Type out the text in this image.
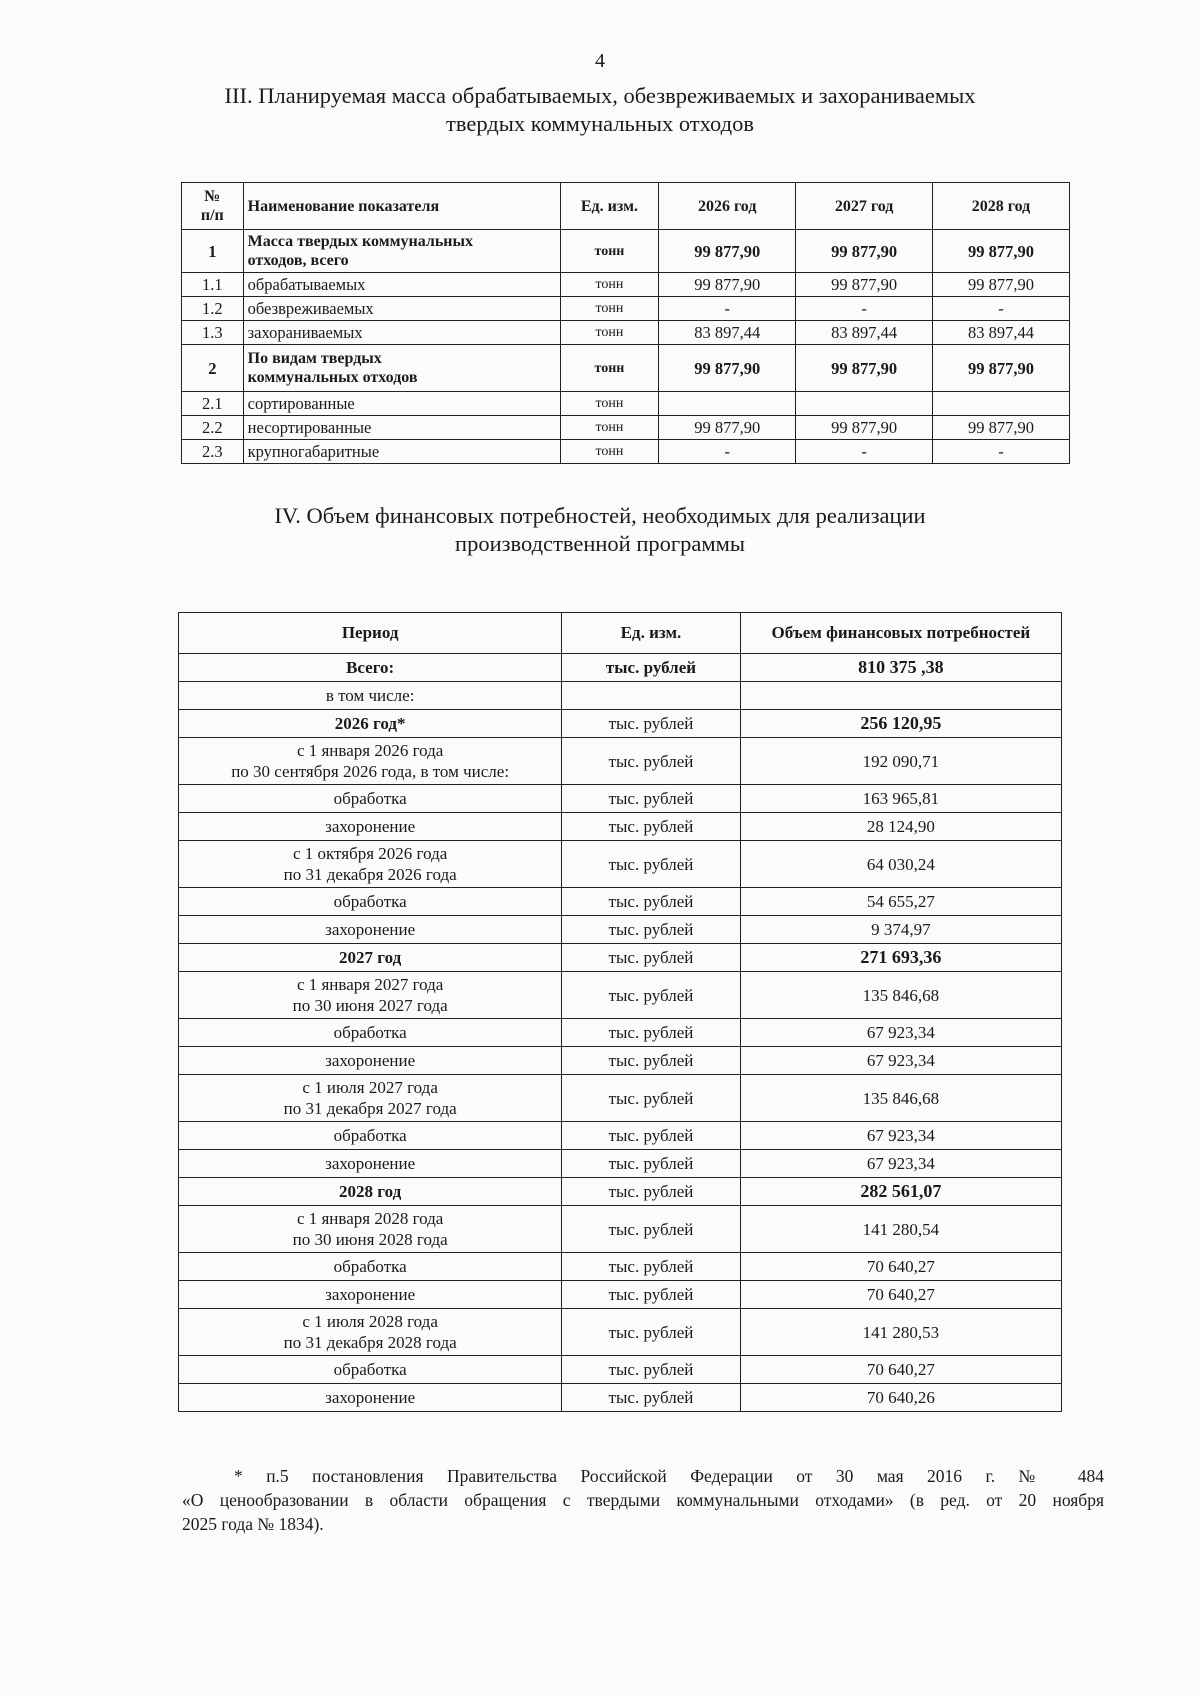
4
III. Планируемая масса обрабатываемых, обезвреживаемых и захораниваемых
твердых коммунальных отходов
№
п/п	Наименование показателя	Ед. изм.	2026 год	2027 год	2028 год
1	Масса твердых коммунальных
отходов, всего	тонн	99 877,90	99 877,90	99 877,90
1.1	обрабатываемых	тонн	99 877,90	99 877,90	99 877,90
1.2	обезвреживаемых	тонн	-	-	-
1.3	захораниваемых	тонн	83 897,44	83 897,44	83 897,44
2	По видам твердых
коммунальных отходов	тонн	99 877,90	99 877,90	99 877,90
2.1	сортированные	тонн			
2.2	несортированные	тонн	99 877,90	99 877,90	99 877,90
2.3	крупногабаритные	тонн	-	-	-
IV. Объем финансовых потребностей, необходимых для реализации
производственной программы
Период	Ед. изм.	Объем финансовых потребностей
Всего:	тыс. рублей	810 375 ,38
в том числе:		
2026 год*	тыс. рублей	256 120,95
с 1 января 2026 года
по 30 сентября 2026 года, в том числе:	тыс. рублей	192 090,71
обработка	тыс. рублей	163 965,81
захоронение	тыс. рублей	28 124,90
с 1 октября 2026 года
по 31 декабря 2026 года	тыс. рублей	64 030,24
обработка	тыс. рублей	54 655,27
захоронение	тыс. рублей	9 374,97
2027 год	тыс. рублей	271 693,36
с 1 января 2027 года
по 30 июня 2027 года	тыс. рублей	135 846,68
обработка	тыс. рублей	67 923,34
захоронение	тыс. рублей	67 923,34
с 1 июля 2027 года
по 31 декабря 2027 года	тыс. рублей	135 846,68
обработка	тыс. рублей	67 923,34
захоронение	тыс. рублей	67 923,34
2028 год	тыс. рублей	282 561,07
с 1 января 2028 года
по 30 июня 2028 года	тыс. рублей	141 280,54
обработка	тыс. рублей	70 640,27
захоронение	тыс. рублей	70 640,27
с 1 июля 2028 года
по 31 декабря 2028 года	тыс. рублей	141 280,53
обработка	тыс. рублей	70 640,27
захоронение	тыс. рублей	70 640,26
* п.5 постановления Правительства Российской Федерации от 30 мая 2016 г. № 484
«О ценообразовании в области обращения с твердыми коммунальными отходами» (в ред. от 20 ноября
2025 года № 1834).
